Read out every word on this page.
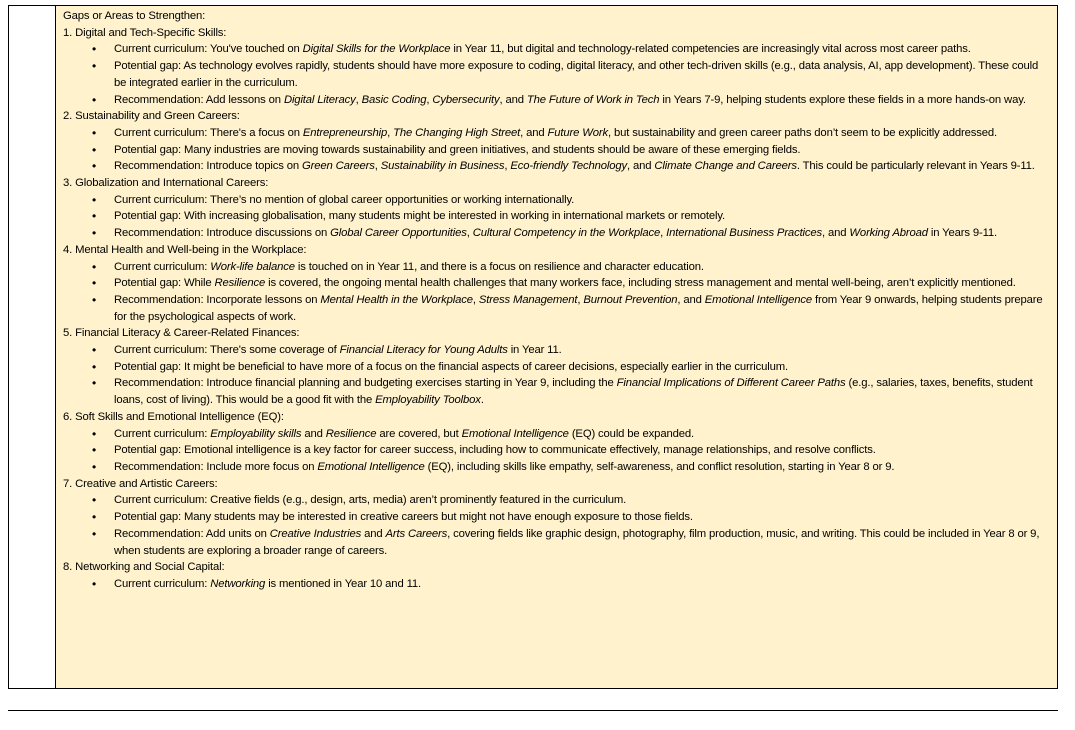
Gaps or Areas to Strengthen:
1. Digital and Tech-Specific Skills:
• Current curriculum: You've touched on Digital Skills for the Workplace in Year 11, but digital and technology-related competencies are increasingly vital across most career paths.
• Potential gap: As technology evolves rapidly, students should have more exposure to coding, digital literacy, and other tech-driven skills (e.g., data analysis, AI, app development). These could be integrated earlier in the curriculum.
• Recommendation: Add lessons on Digital Literacy, Basic Coding, Cybersecurity, and The Future of Work in Tech in Years 7-9, helping students explore these fields in a more hands-on way.
2. Sustainability and Green Careers:
• Current curriculum: There's a focus on Entrepreneurship, The Changing High Street, and Future Work, but sustainability and green career paths don’t seem to be explicitly addressed.
• Potential gap: Many industries are moving towards sustainability and green initiatives, and students should be aware of these emerging fields.
• Recommendation: Introduce topics on Green Careers, Sustainability in Business, Eco-friendly Technology, and Climate Change and Careers. This could be particularly relevant in Years 9-11.
3. Globalization and International Careers:
• Current curriculum: There’s no mention of global career opportunities or working internationally.
• Potential gap: With increasing globalisation, many students might be interested in working in international markets or remotely.
• Recommendation: Introduce discussions on Global Career Opportunities, Cultural Competency in the Workplace, International Business Practices, and Working Abroad in Years 9-11.
4. Mental Health and Well-being in the Workplace:
• Current curriculum: Work-life balance is touched on in Year 11, and there is a focus on resilience and character education.
• Potential gap: While Resilience is covered, the ongoing mental health challenges that many workers face, including stress management and mental well-being, aren’t explicitly mentioned.
• Recommendation: Incorporate lessons on Mental Health in the Workplace, Stress Management, Burnout Prevention, and Emotional Intelligence from Year 9 onwards, helping students prepare for the psychological aspects of work.
5. Financial Literacy & Career-Related Finances:
• Current curriculum: There's some coverage of Financial Literacy for Young Adults in Year 11.
• Potential gap: It might be beneficial to have more of a focus on the financial aspects of career decisions, especially earlier in the curriculum.
• Recommendation: Introduce financial planning and budgeting exercises starting in Year 9, including the Financial Implications of Different Career Paths (e.g., salaries, taxes, benefits, student loans, cost of living). This would be a good fit with the Employability Toolbox.
6. Soft Skills and Emotional Intelligence (EQ):
• Current curriculum: Employability skills and Resilience are covered, but Emotional Intelligence (EQ) could be expanded.
• Potential gap: Emotional intelligence is a key factor for career success, including how to communicate effectively, manage relationships, and resolve conflicts.
• Recommendation: Include more focus on Emotional Intelligence (EQ), including skills like empathy, self-awareness, and conflict resolution, starting in Year 8 or 9.
7. Creative and Artistic Careers:
• Current curriculum: Creative fields (e.g., design, arts, media) aren’t prominently featured in the curriculum.
• Potential gap: Many students may be interested in creative careers but might not have enough exposure to those fields.
• Recommendation: Add units on Creative Industries and Arts Careers, covering fields like graphic design, photography, film production, music, and writing. This could be included in Year 8 or 9, when students are exploring a broader range of careers.
8. Networking and Social Capital:
• Current curriculum: Networking is mentioned in Year 10 and 11.
